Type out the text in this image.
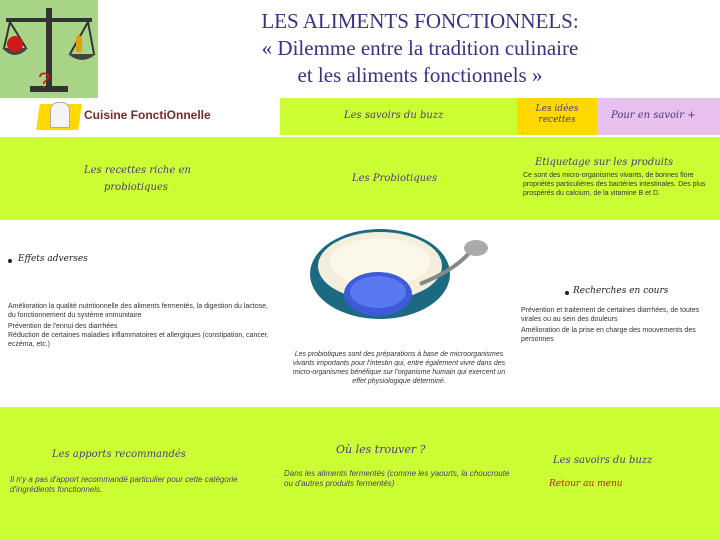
?
LES ALIMENTS FONCTIONNELS:
« Dilemme entre la tradition culinaire
et les aliments fonctionnels »
Cuisine FonctiOnnelle	Les savoirs du buzz
Les idées
recettes	Pour en savoir +
Les recettes riche en
probiotiques
Les Probiotiques
Etiquetage sur les produits
Ce sont des micro-organismes vivants, de bonnes flore propriétés particulières des bactéries intestinales. Des plus prospérés du calcium, de la vitamine B et D.
Effets adverses
Amélioration la qualité nutritionnelle des aliments fermentés, la digestion du lactose, du fonctionnement du système immunitaire
Prévention de l'ennui des diarrhées
Réduction de certaines maladies inflammatoires et allergiques (constipation, cancer, eczéma, etc.)
Les probiotiques sont des préparations à base de microorganismes vivants importants pour l'intestin qui, entre également vivre dans des micro-organismes bénéfique sur l'organisme humain qui exercent un effet physiologique déterminé.
Recherches en cours
Prévention et traitement de certaines diarrhées, de toutes virales ou au sein des douleurs
Amélioration de la prise en charge des mouvements des personnes
Les apports recommandés
Il n'y a pas d'apport recommandé particulier pour cette catégorie d'ingrédients fonctionnels.
Où les trouver ?
Dans les aliments fermentés (comme les yaourts, la choucroute ou d'autres produits fermentés)
Les savoirs du buzz
Retour au menu
